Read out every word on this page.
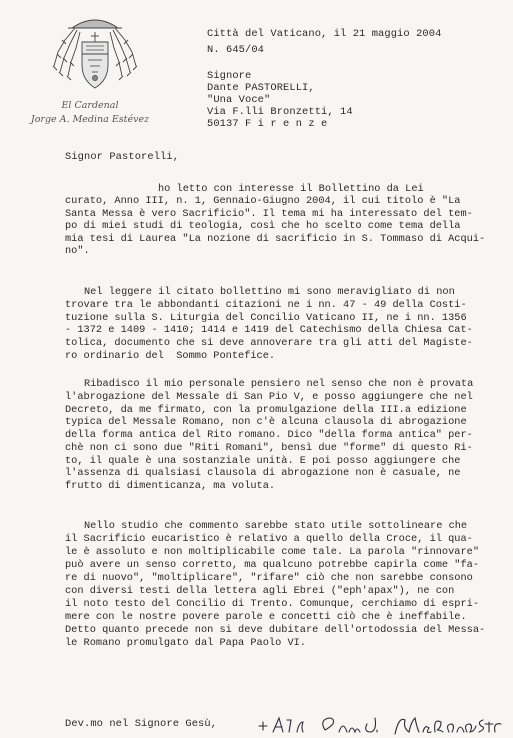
El Cardenal
Jorge A. Medina Estévez
Città del Vaticano, il 21 maggio 2004
N. 645/04
Signore
Dante PASTORELLI,
"Una Voce"
Via F.lli Bronzetti, 14
50137 F i r e n z e
Signor Pastorelli,
ho letto con interesse il Bollettino da Lei
curato, Anno III, n. 1, Gennaio-Giugno 2004, il cui titolo è "La
Santa Messa è vero Sacrificio". Il tema mi ha interessato del tem-
po di miei studi di teologia, così che ho scelto come tema della
mia tesi di Laurea "La nozione di sacrificio in S. Tommaso di Acqui-
no".
Nel leggere il citato bollettino mi sono meravigliato di non
trovare tra le abbondanti citazioni ne i nn. 47 - 49 della Costi-
tuzione sulla S. Liturgia del Concilio Vaticano II, ne i nn. 1356
- 1372 e 1409 - 1410; 1414 e 1419 del Catechismo della Chiesa Cat-
tolica, documento che si deve annoverare tra gli atti del Magiste-
ro ordinario del  Sommo Pontefice.
Ribadisco il mio personale pensiero nel senso che non è provata
l'abrogazione del Messale di San Pio V, e posso aggiungere che nel
Decreto, da me firmato, con la promulgazione della III.a edizione
typica del Messale Romano, non c'è alcuna clausola di abrogazione
della forma antica del Rito romano. Dico "della forma antica" per-
chè non ci sono due "Riti Romani", bensì due "forme" di questo Ri-
to, il quale è una sostanziale unità. E poi posso aggiungere che
l'assenza di qualsiasi clausola di abrogazione non è casuale, ne
frutto di dimenticanza, ma voluta.
Nello studio che commento sarebbe stato utile sottolineare che
il Sacrificio eucaristico è relativo a quello della Croce, il qua-
le è assoluto e non moltiplicabile come tale. La parola "rinnovare"
può avere un senso corretto, ma qualcuno potrebbe capirla come "fa-
re di nuovo", "moltiplicare", "rifare" ciò che non sarebbe consono
con diversi testi della lettera agli Ebrei ("eph'apax"), ne con
il noto testo del Concilio di Trento. Comunque, cerchiamo di espri-
mere con le nostre povere parole e concetti ciò che è ineffabile.
Detto quanto precede non si deve dubitare dell'ortodossia del Messa-
le Romano promulgato dal Papa Paolo VI.
Dev.mo nel Signore Gesù,
